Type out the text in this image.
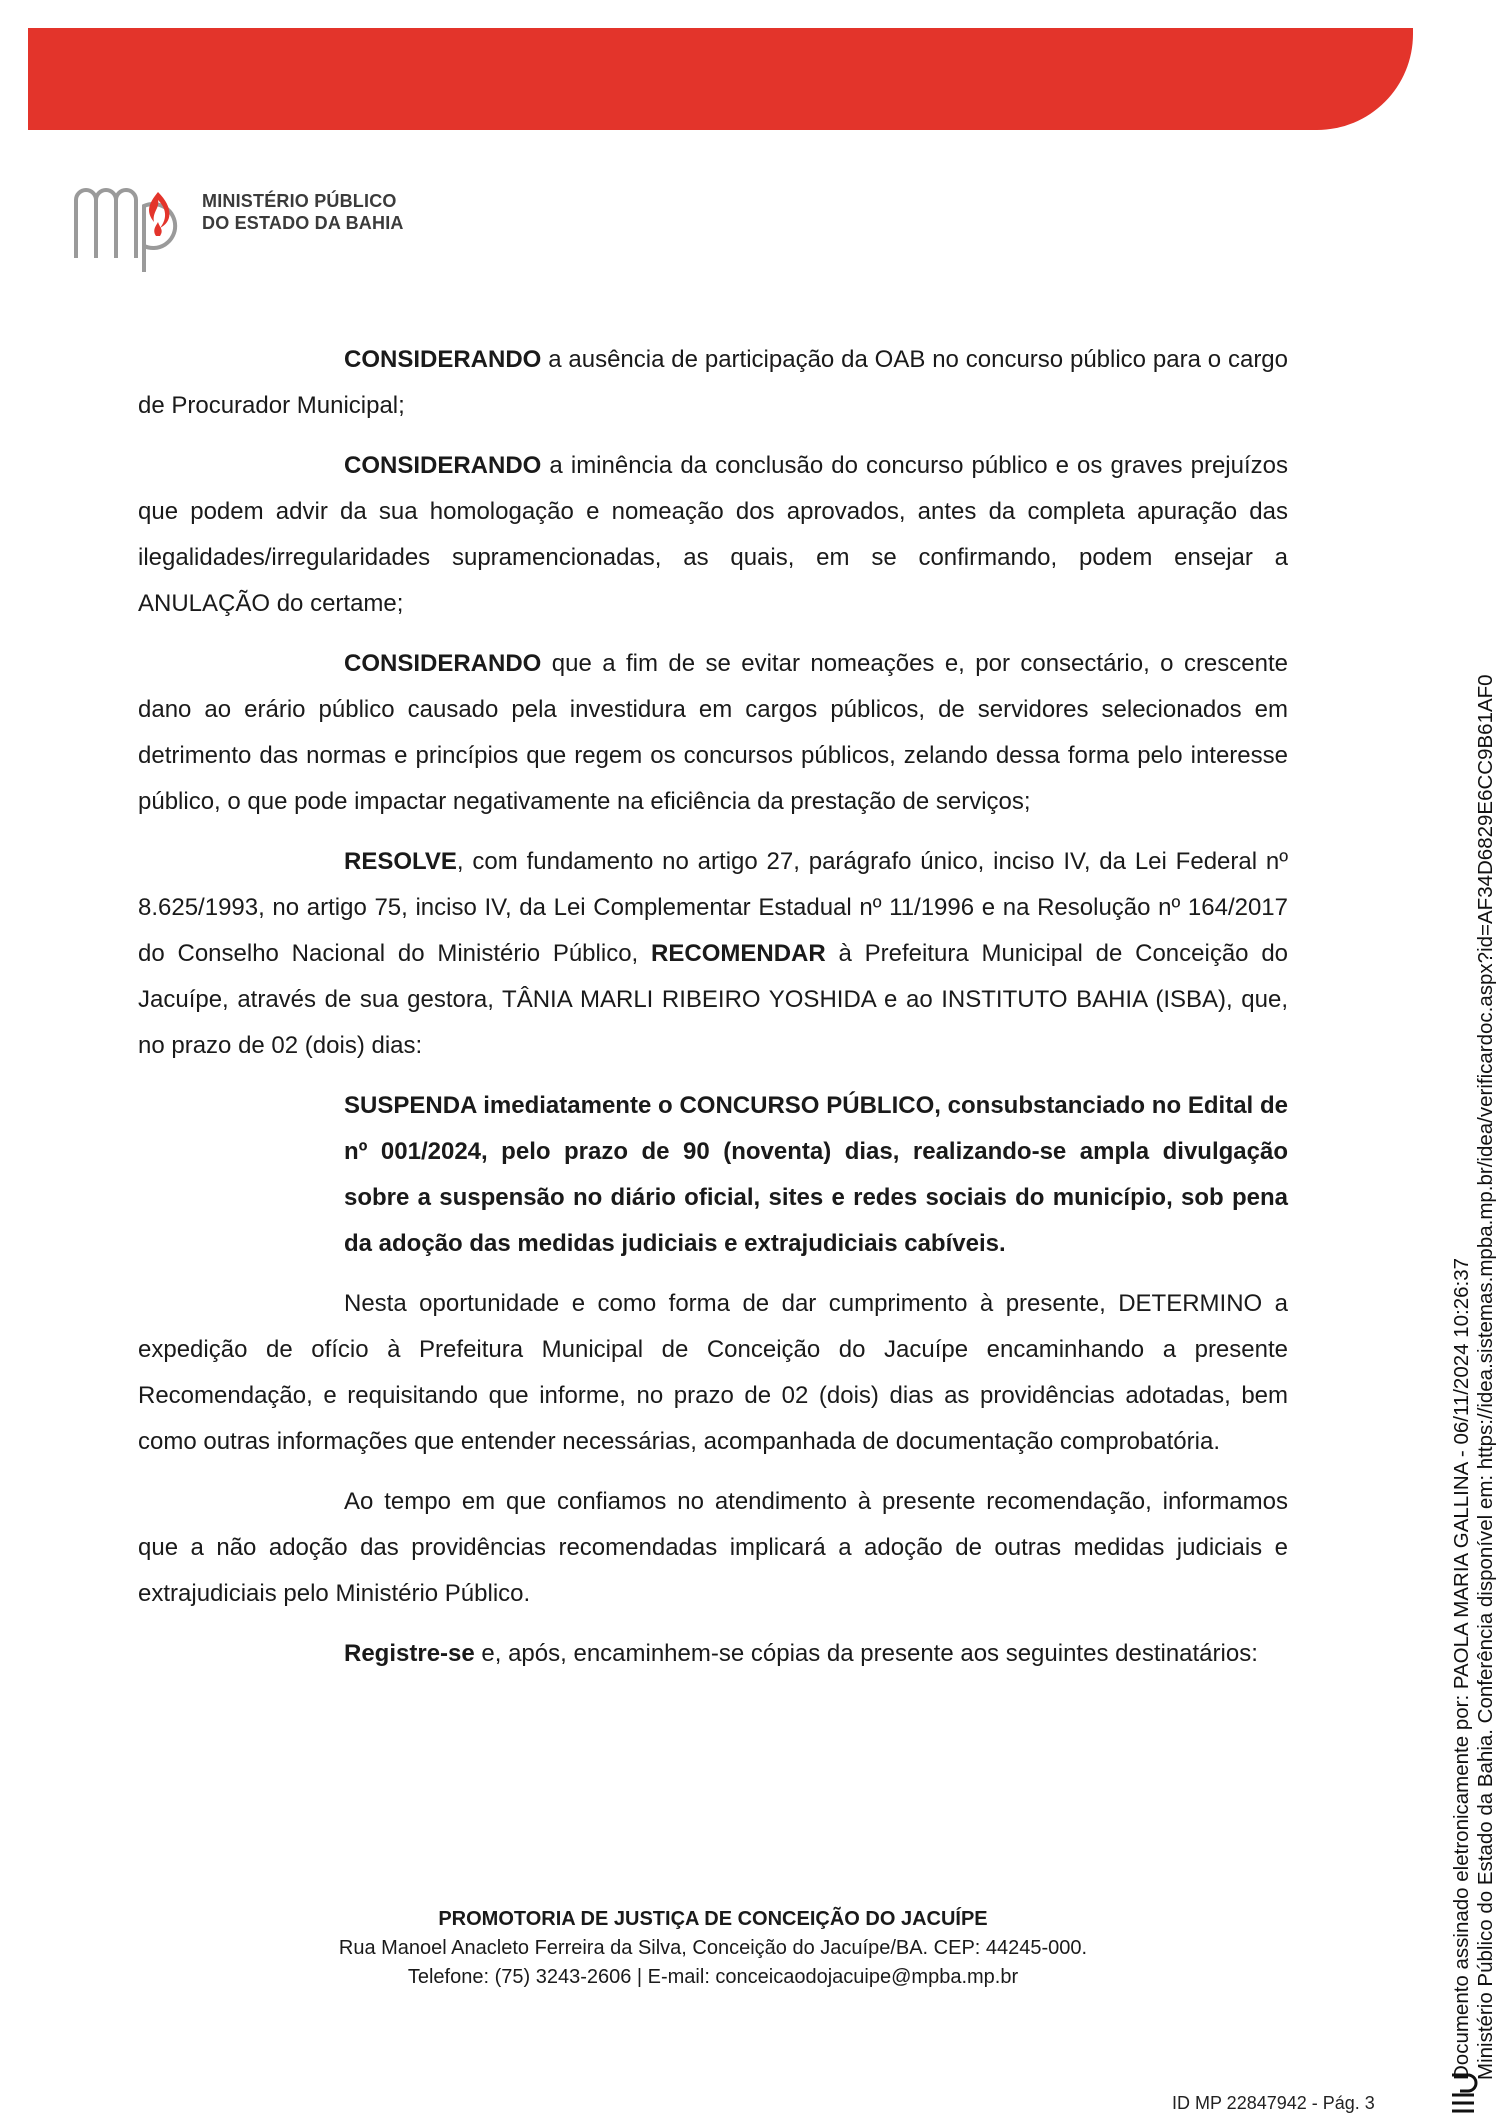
MINISTÉRIO PÚBLICO
DO ESTADO DA BAHIA

CONSIDERANDO a ausência de participação da OAB no concurso público para o cargo de Procurador Municipal;

CONSIDERANDO a iminência da conclusão do concurso público e os graves prejuízos que podem advir da sua homologação e nomeação dos aprovados, antes da completa apuração das ilegalidades/irregularidades supramencionadas, as quais, em se confirmando, podem ensejar a ANULAÇÃO do certame;

CONSIDERANDO que a fim de se evitar nomeações e, por consectário, o crescente dano ao erário público causado pela investidura em cargos públicos, de servidores selecionados em detrimento das normas e princípios que regem os concursos públicos, zelando dessa forma pelo interesse público, o que pode impactar negativamente na eficiência da prestação de serviços;

RESOLVE, com fundamento no artigo 27, parágrafo único, inciso IV, da Lei Federal nº 8.625/1993, no artigo 75, inciso IV, da Lei Complementar Estadual nº 11/1996 e na Resolução nº 164/2017 do Conselho Nacional do Ministério Público, RECOMENDAR à Prefeitura Municipal de Conceição do Jacuípe, através de sua gestora, TÂNIA MARLI RIBEIRO YOSHIDA e ao INSTITUTO BAHIA (ISBA), que, no prazo de 02 (dois) dias:

SUSPENDA imediatamente o CONCURSO PÚBLICO, consubstanciado no Edital de nº 001/2024, pelo prazo de 90 (noventa) dias, realizando-se ampla divulgação sobre a suspensão no diário oficial, sites e redes sociais do município, sob pena da adoção das medidas judiciais e extrajudiciais cabíveis.

Nesta oportunidade e como forma de dar cumprimento à presente, DETERMINO a expedição de ofício à Prefeitura Municipal de Conceição do Jacuípe encaminhando a presente Recomendação, e requisitando que informe, no prazo de 02 (dois) dias as providências adotadas, bem como outras informações que entender necessárias, acompanhada de documentação comprobatória.

Ao tempo em que confiamos no atendimento à presente recomendação, informamos que a não adoção das providências recomendadas implicará a adoção de outras medidas judiciais e extrajudiciais pelo Ministério Público.

Registre-se e, após, encaminhem-se cópias da presente aos seguintes destinatários:

PROMOTORIA DE JUSTIÇA DE CONCEIÇÃO DO JACUÍPE
Rua Manoel Anacleto Ferreira da Silva, Conceição do Jacuípe/BA. CEP: 44245-000.
Telefone: (75) 3243-2606 | E-mail: conceicaodojacuipe@mpba.mp.br	Documento assinado eletronicamente por: PAOLA MARIA GALLINA - 06/11/2024 10:26:37 Ministério Público do Estado da Bahia. Conferência disponível em: https://idea.sistemas.mpba.mp.br/idea/verificardoc.aspx?id=AF34D6829E6CC9B61AF0
ID MP 22847942 - Pág. 3
